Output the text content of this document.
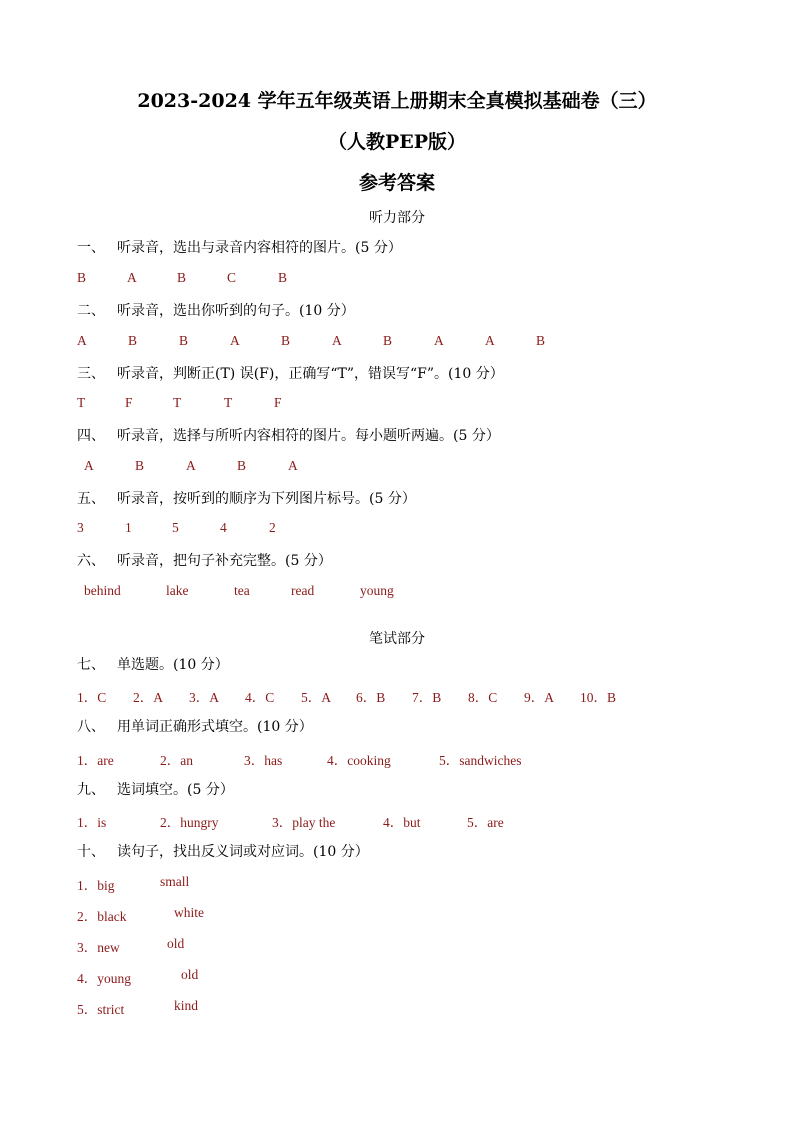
2023-2024 学年五年级英语上册期末全真模拟基础卷（三）
（人教PEP版）
参考答案
听力部分
一、 听录音，选出与录音内容相符的图片。(5 分）
B	A	B	C	B
二、 听录音，选出你听到的句子。(10 分）
A	B	B	A	B	A	B	A	A	B
三、 听录音，判断正(T) 误(F)，正确写“T”，错误写“F”。(10 分）
T	F	T	T	F
四、 听录音，选择与所听内容相符的图片。每小题听两遍。(5 分）
A	B	A	B	A
五、 听录音，按听到的顺序为下列图片标号。(5 分）
3	1	5	4	2
六、 听录音，把句子补充完整。(5 分）
behind	lake	tea	read	young
笔试部分
七、 单选题。(10 分）
1．C 2．A 3．A 4．C 5．A 6．B 7．B 8．C 9．A 10．B
八、 用单词正确形式填空。(10 分）
1．are	2．an	3．has	4．cooking	5．sandwiches
九、 选词填空。(5 分）
1．is	2．hungry	3．play the	4．but	5．are
十、 读句子，找出反义词或对应词。(10 分）
1．big	small
2．black	white
3．new	old
4．young	old
5．strict	kind
